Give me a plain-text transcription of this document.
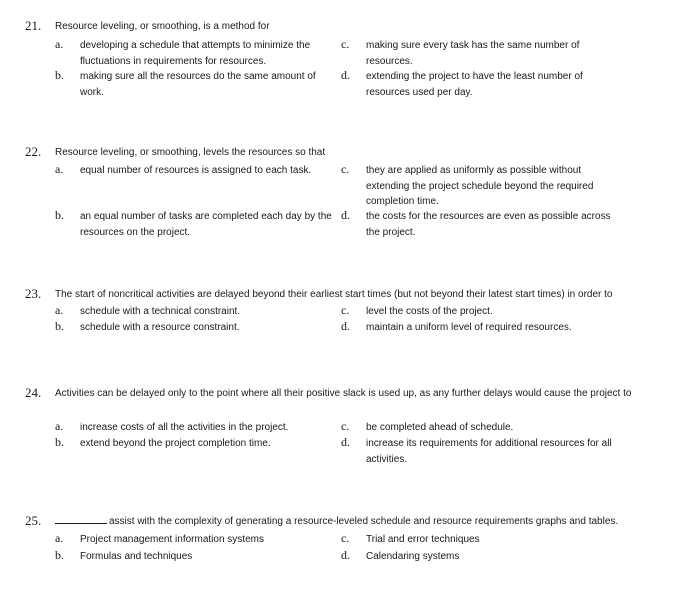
21. Resource leveling, or smoothing, is a method for
a. developing a schedule that attempts to minimize the fluctuations in requirements for resources.
b. making sure all the resources do the same amount of work.
c. making sure every task has the same number of resources.
d. extending the project to have the least number of resources used per day.
22. Resource leveling, or smoothing, levels the resources so that
a. equal number of resources is assigned to each task.
b. an equal number of tasks are completed each day by the resources on the project.
c. they are applied as uniformly as possible without extending the project schedule beyond the required completion time.
d. the costs for the resources are even as possible across the project.
23. The start of noncritical activities are delayed beyond their earliest start times (but not beyond their latest start times) in order to
a. schedule with a technical constraint.
b. schedule with a resource constraint.
c. level the costs of the project.
d. maintain a uniform level of required resources.
24. Activities can be delayed only to the point where all their positive slack is used up, as any further delays would cause the project to
a. increase costs of all the activities in the project.
b. extend beyond the project completion time.
c. be completed ahead of schedule.
d. increase its requirements for additional resources for all activities.
25.	assist with the complexity of generating a resource-leveled schedule and resource requirements graphs and tables.
a. Project management information systems
b. Formulas and techniques
c. Trial and error techniques
d. Calendaring systems
